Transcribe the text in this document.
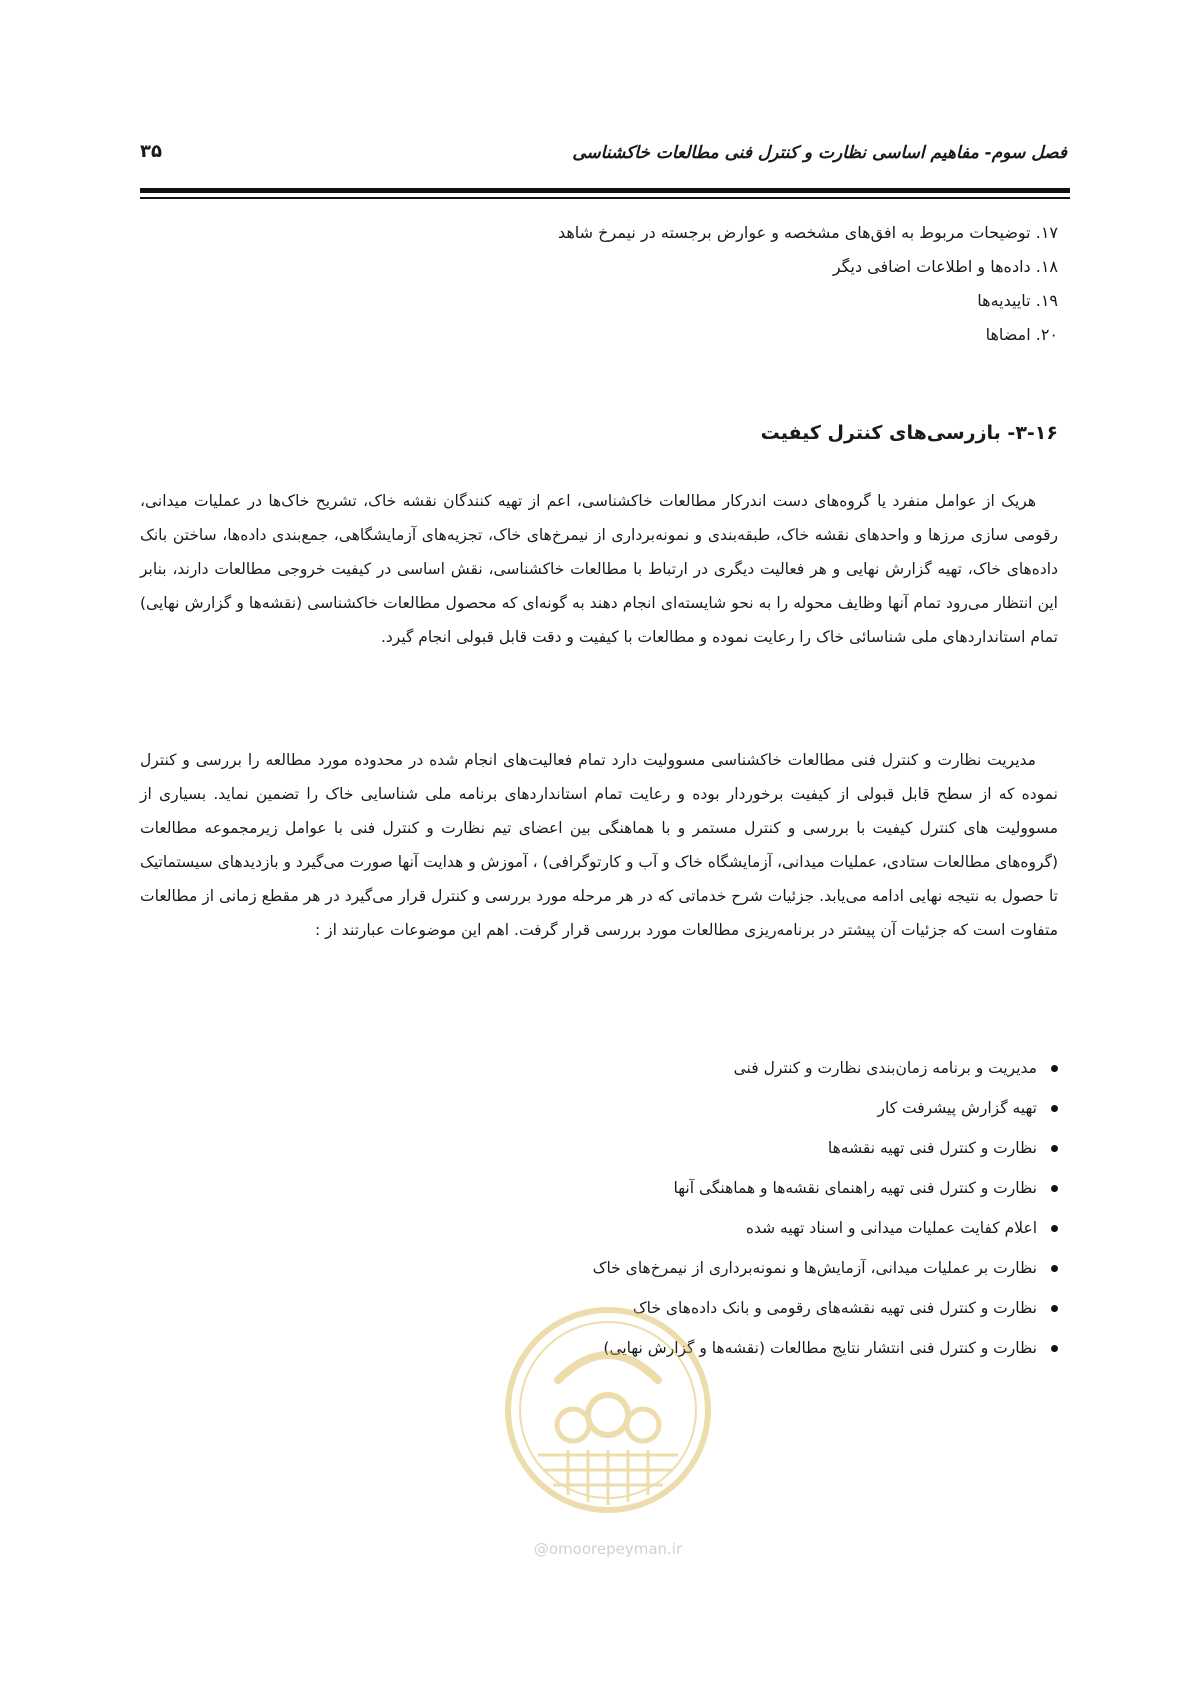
فصل سوم- مفاهیم اساسی نظارت و کنترل فنی مطالعات خاکشناسی
۳۵
۱۷. توضیحات مربوط به افق‌های مشخصه و عوارض برجسته در نیمرخ شاهد
۱۸. داده‌ها و اطلاعات اضافی دیگر
۱۹. تاییدیه‌ها
۲۰. امضاها
۳-۱۶- بازرسی‌های کنترل کیفیت

هریک از عوامل منفرد یا گروه‌های دست اندرکار مطالعات خاکشناسی، اعم از تهیه کنندگان نقشه خاک، تشریح خاک‌ها در عملیات میدانی، رقومی سازی مرزها و واحدهای نقشه خاک، طبقه‌بندی و نمونه‌برداری از نیمرخ‌های خاک، تجزیه‌های آزمایشگاهی، جمع‌بندی داده‌ها، ساختن بانک داده‌های خاک، تهیه گزارش نهایی و هر فعالیت دیگری در ارتباط با مطالعات خاکشناسی، نقش اساسی در کیفیت خروجی مطالعات دارند، بنابر این انتظار می‌رود تمام آنها وظایف محوله را به نحو شایسته‌ای انجام دهند به گونه‌ای که محصول مطالعات خاکشناسی (نقشه‌ها و گزارش نهایی) تمام استانداردهای ملی شناسائی خاک را رعایت نموده و مطالعات با کیفیت و دقت قابل قبولی انجام گیرد.

مدیریت نظارت و کنترل فنی مطالعات خاکشناسی مسوولیت دارد تمام فعالیت‌های انجام شده در محدوده مورد مطالعه را بررسی و کنترل نموده که از سطح قابل قبولی از کیفیت برخوردار بوده و رعایت تمام استانداردهای برنامه ملی شناسایی خاک را تضمین نماید. بسیاری از مسوولیت های کنترل کیفیت با بررسی و کنترل مستمر و با هماهنگی بین اعضای تیم نظارت و کنترل فنی با عوامل زیرمجموعه مطالعات (گروه‌های مطالعات ستادی، عملیات میدانی، آزمایشگاه خاک و آب و کارتوگرافی) ، آموزش و هدایت آنها صورت می‌گیرد و بازدیدهای سیستماتیک تا حصول به نتیجه نهایی ادامه می‌یابد. جزئیات شرح خدماتی که در هر مرحله مورد بررسی و کنترل قرار می‌گیرد در هر مقطع زمانی از مطالعات متفاوت است که جزئیات آن پیشتر در برنامه‌ریزی مطالعات مورد بررسی قرار گرفت. اهم این موضوعات عبارتند از :

مدیریت و برنامه زمان‌بندی نظارت و کنترل فنی
تهیه گزارش پیشرفت کار
نظارت و کنترل فنی تهیه نقشه‌ها
نظارت و کنترل فنی تهیه راهنمای نقشه‌ها و هماهنگی آنها
اعلام کفایت عملیات میدانی و اسناد تهیه شده
نظارت بر عملیات میدانی، آزمایش‌ها و نمونه‌برداری از نیمرخ‌های خاک
نظارت و کنترل فنی تهیه نقشه‌های رقومی و بانک داده‌های خاک
نظارت و کنترل فنی انتشار نتایج مطالعات (نقشه‌ها و گزارش نهایی)
@omoorepeyman.ir
